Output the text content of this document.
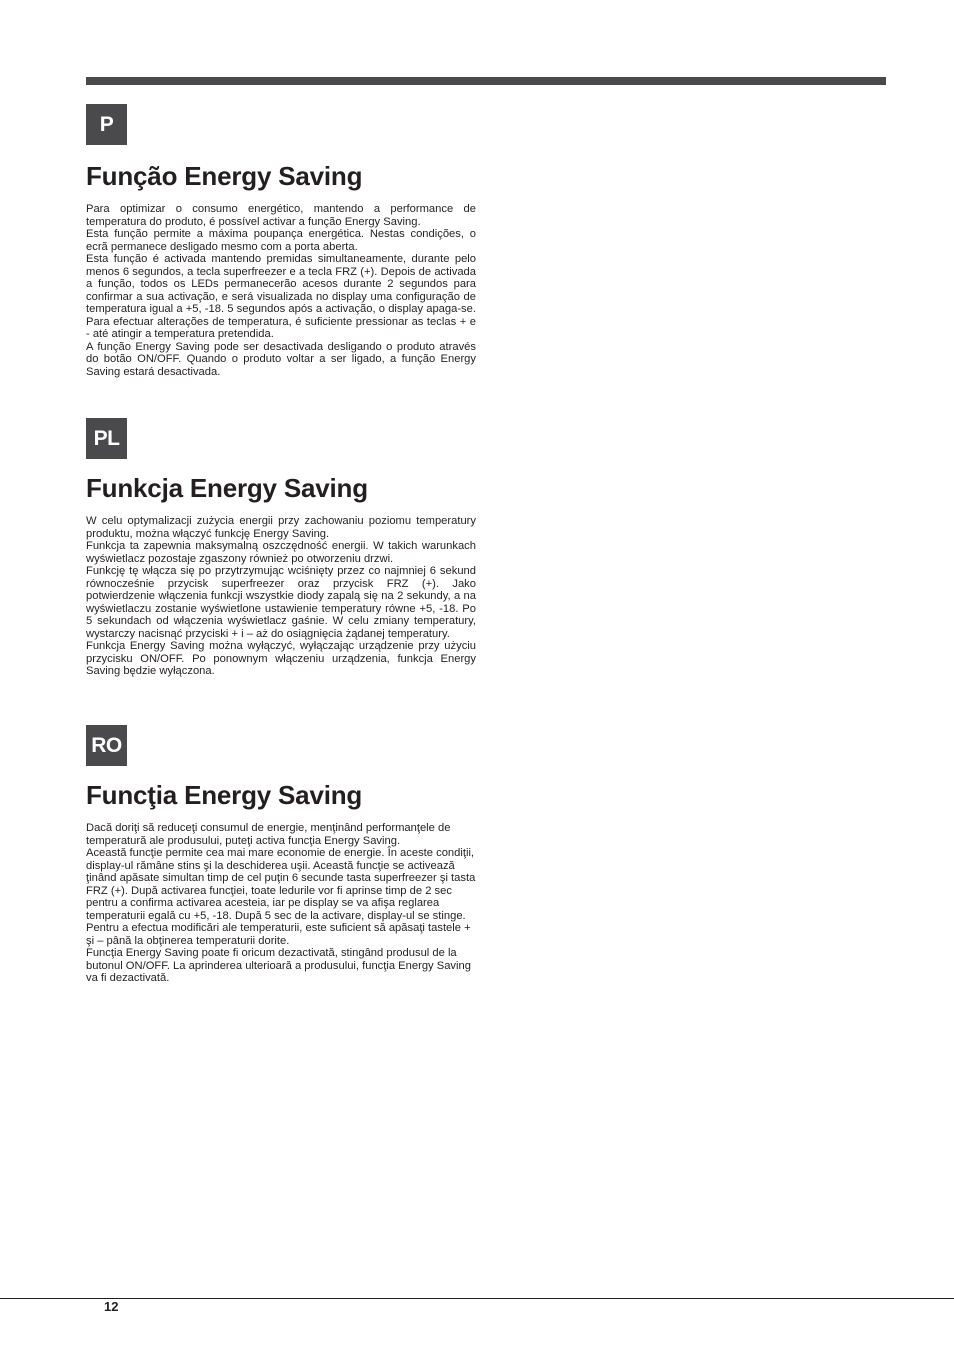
P
Função Energy Saving

Para optimizar o consumo energético, mantendo a performance de temperatura do produto, é possível activar a função Energy Saving.

Esta função permite a máxima poupança energética. Nestas condições, o ecrã permanece desligado mesmo com a porta aberta.

Esta função é activada mantendo premidas simultaneamente, durante pelo menos 6 segundos, a tecla superfreezer e a tecla FRZ (+). Depois de activada a função, todos os LEDs permanecerão acesos durante 2 segundos para confirmar a sua activação, e será visualizada no display uma configuração de temperatura igual a +5, -18. 5 segundos após a activação, o display apaga-se. Para efectuar alterações de temperatura, é suficiente pressionar as teclas + e - até atingir a temperatura pretendida.

A função Energy Saving pode ser desactivada desligando o produto através do botão ON/OFF. Quando o produto voltar a ser ligado, a função Energy Saving estará desactivada.

PL
Funkcja Energy Saving

W celu optymalizacji zużycia energii przy zachowaniu poziomu temperatury produktu, można włączyć funkcję Energy Saving.

Funkcja ta zapewnia maksymalną oszczędność energii. W takich warunkach wyświetlacz pozostaje zgaszony również po otworzeniu drzwi.

Funkcję tę włącza się po przytrzymując wciśnięty przez co najmniej 6 sekund równocześnie przycisk superfreezer oraz przycisk FRZ (+). Jako potwierdzenie włączenia funkcji wszystkie diody zapalą się na 2 sekundy, a na wyświetlaczu zostanie wyświetlone ustawienie temperatury równe +5, -18. Po 5 sekundach od włączenia wyświetlacz gaśnie. W celu zmiany temperatury, wystarczy nacisnąć przyciski + i – aż do osiągnięcia żądanej temperatury.

Funkcja Energy Saving można wyłączyć, wyłączając urządzenie przy użyciu przycisku ON/OFF. Po ponownym włączeniu urządzenia, funkcja Energy Saving będzie wyłączona.

RO
Funcţia Energy Saving

Dacă doriţi să reduceţi consumul de energie, menţinând performanţele de temperatură ale produsului, puteţi activa funcţia Energy Saving.

Această funcţie permite cea mai mare economie de energie. În aceste condiţii, display-ul rămâne stins şi la deschiderea uşii. Această funcţie se activează ţinând apăsate simultan timp de cel puţin 6 secunde tasta superfreezer şi tasta FRZ (+). După activarea funcţiei, toate ledurile vor fi aprinse timp de 2 sec pentru a confirma activarea acesteia, iar pe display se va afişa reglarea temperaturii egală cu +5, -18. După 5 sec de la activare, display-ul se stinge. Pentru a efectua modificări ale temperaturii, este suficient să apăsaţi tastele + şi – până la obţinerea temperaturii dorite.

Funcţia Energy Saving poate fi oricum dezactivată, stingând produsul de la butonul ON/OFF. La aprinderea ulterioară a produsului, funcţia Energy Saving va fi dezactivată.

12
